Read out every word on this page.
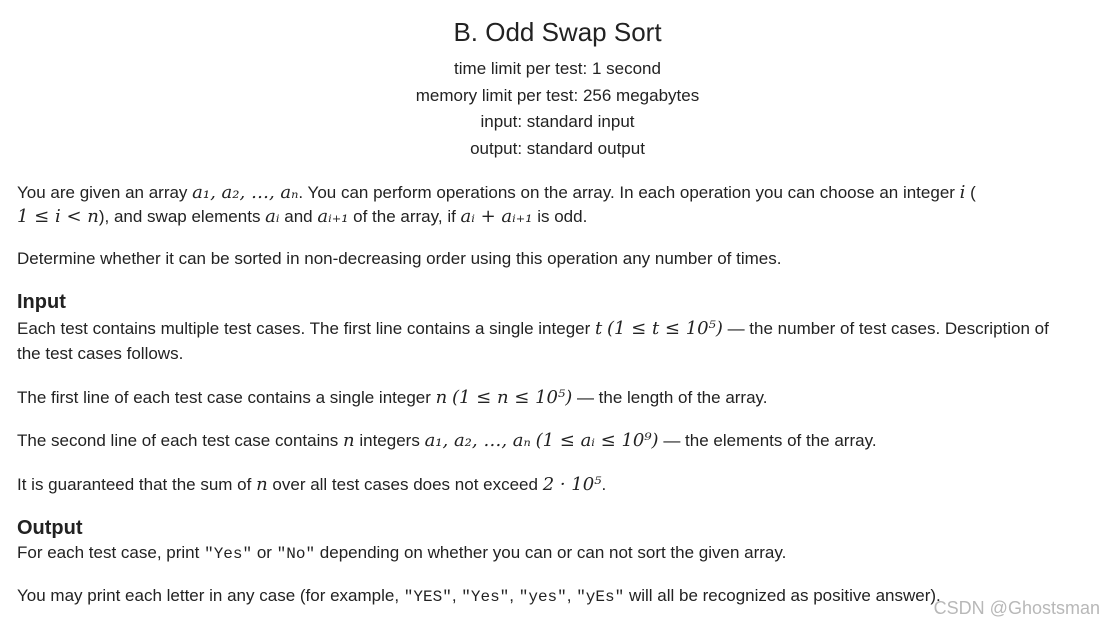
B. Odd Swap Sort
time limit per test: 1 second
memory limit per test: 256 megabytes
input: standard input
output: standard output
You are given an array a₁, a₂, …, aₙ. You can perform operations on the array. In each operation you can choose an integer i (
1 ≤ i < n), and swap elements aᵢ and aᵢ₊₁ of the array, if aᵢ + aᵢ₊₁ is odd.
Determine whether it can be sorted in non-decreasing order using this operation any number of times.
Input
Each test contains multiple test cases. The first line contains a single integer t (1 ≤ t ≤ 10⁵) — the number of test cases. Description of
the test cases follows.
The first line of each test case contains a single integer n (1 ≤ n ≤ 10⁵) — the length of the array.
The second line of each test case contains n integers a₁, a₂, …, aₙ (1 ≤ aᵢ ≤ 10⁹) — the elements of the array.
It is guaranteed that the sum of n over all test cases does not exceed 2 · 10⁵.
Output
For each test case, print "Yes" or "No" depending on whether you can or can not sort the given array.
You may print each letter in any case (for example, "YES", "Yes", "yes", "yEs" will all be recognized as positive answer).
CSDN @Ghostsman
